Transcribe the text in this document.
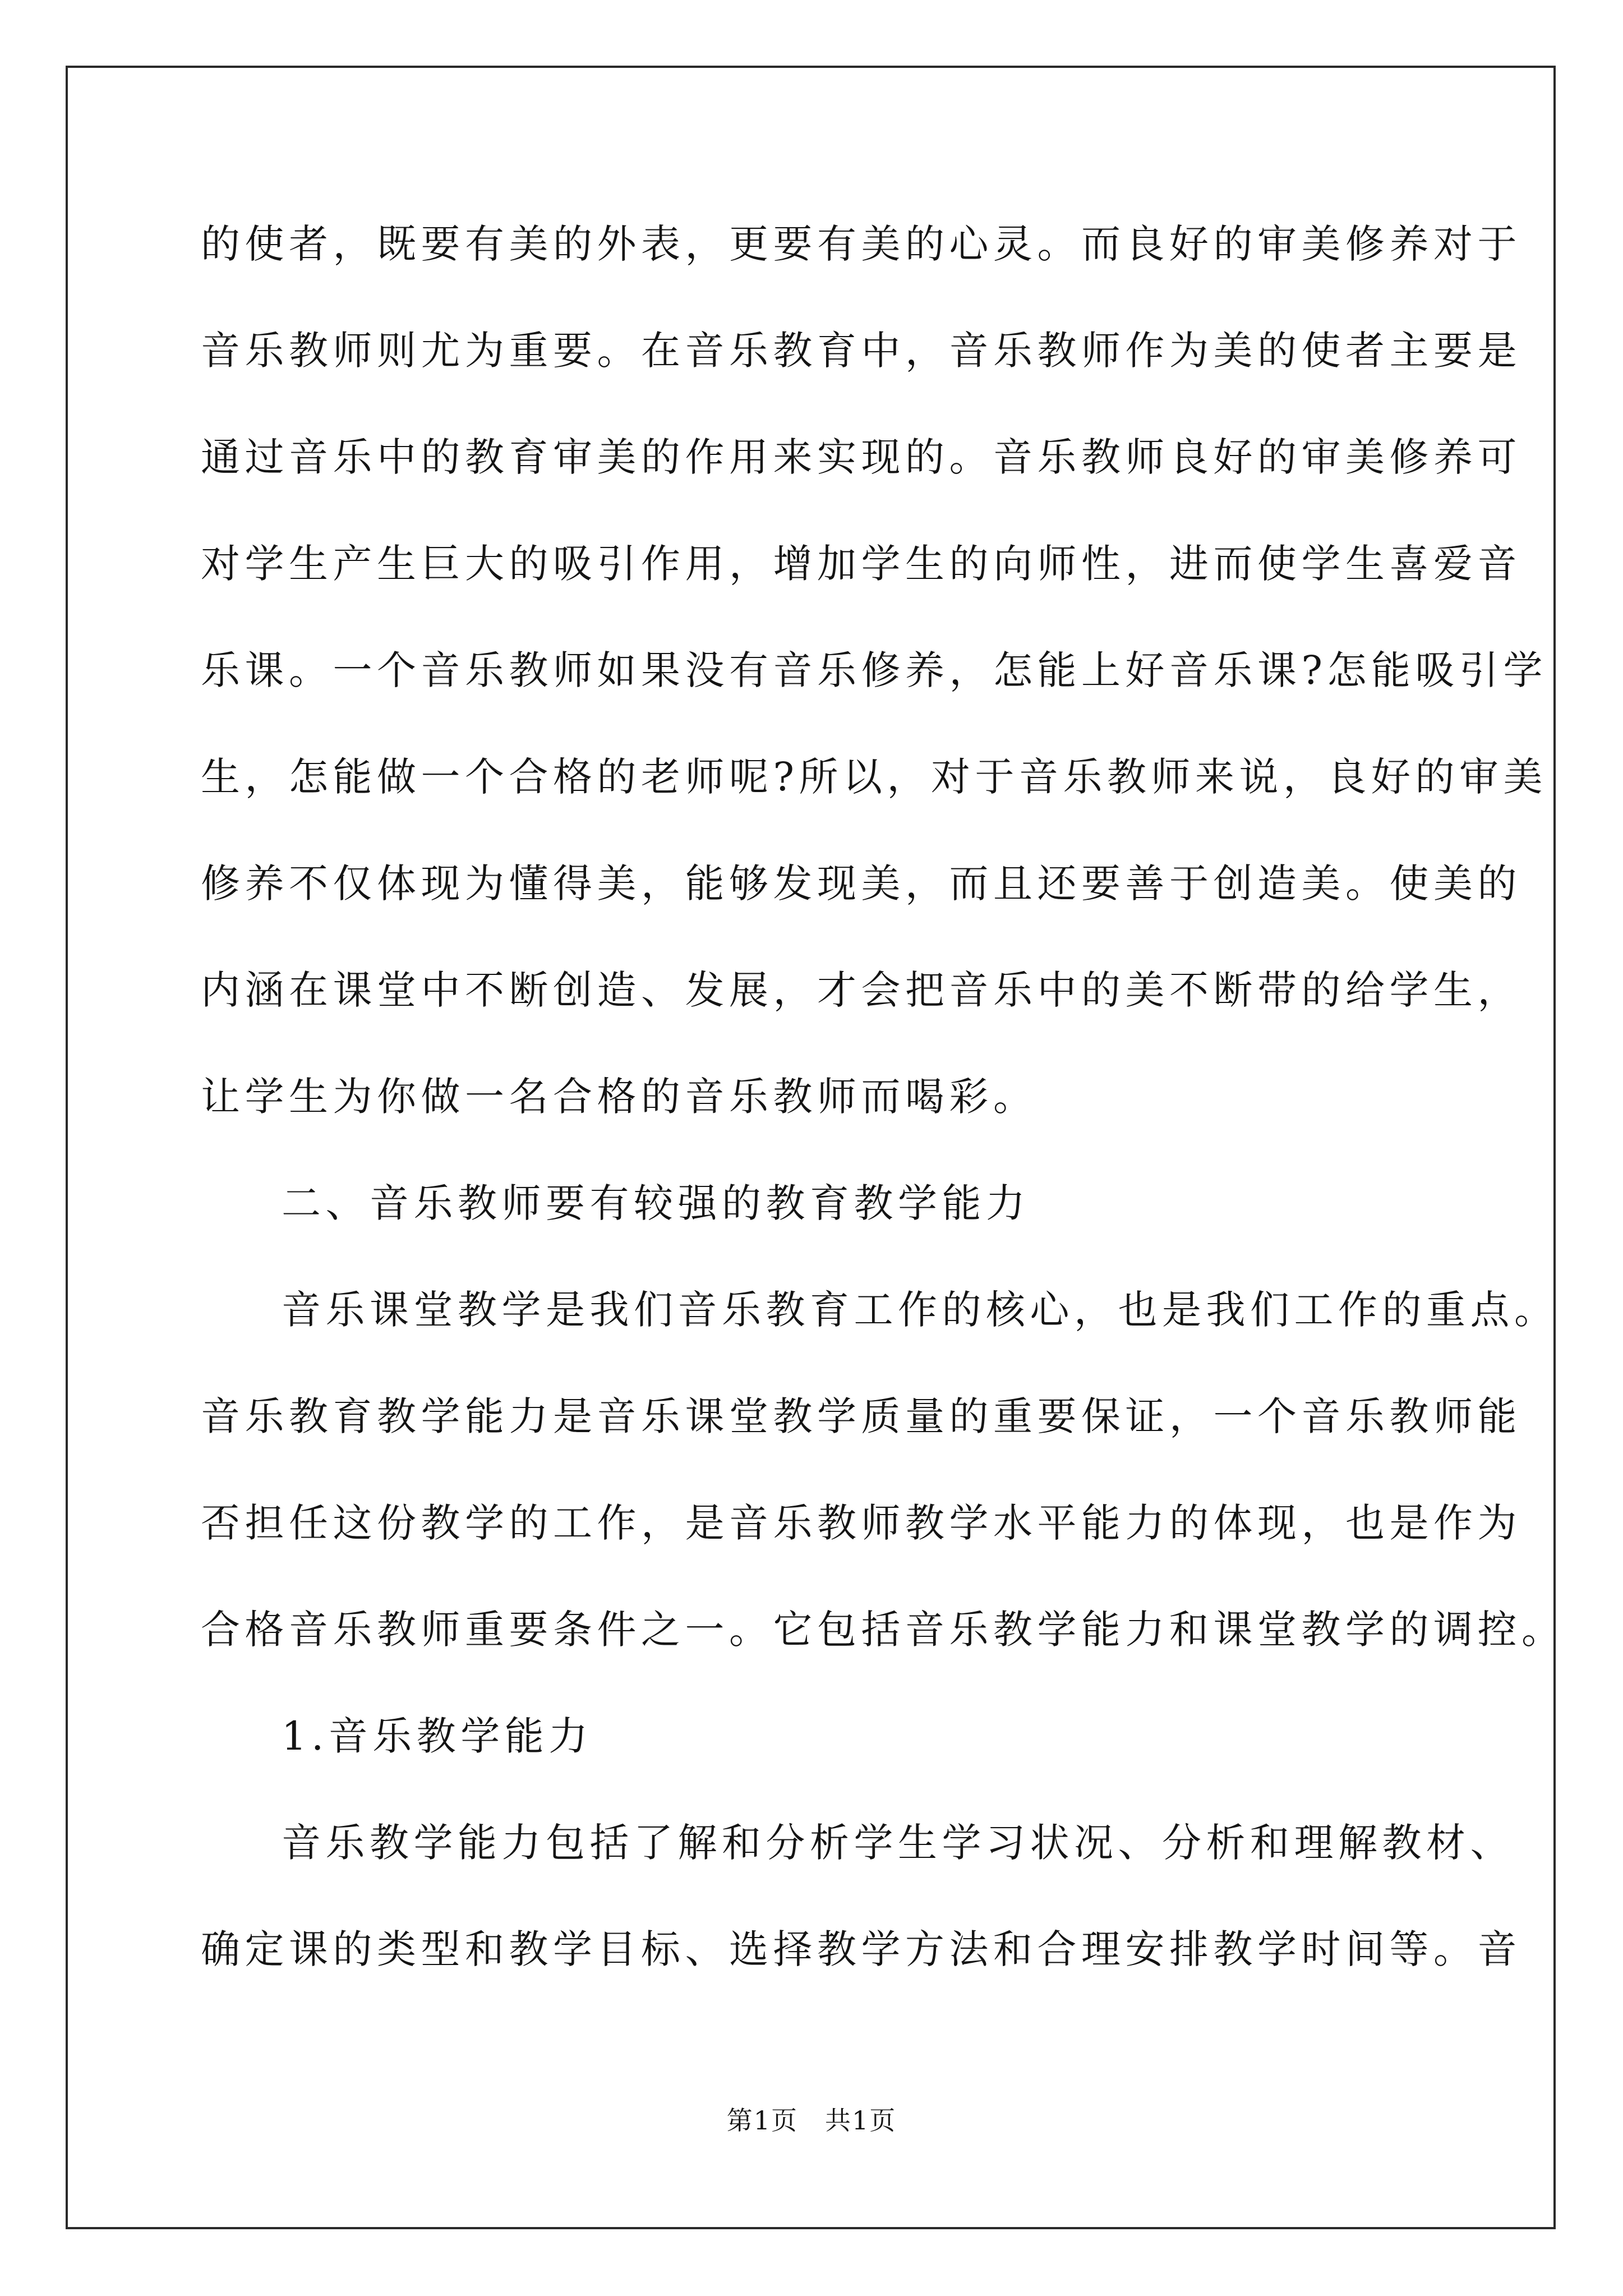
的使者，既要有美的外表，更要有美的心灵。而良好的审美修养对于
音乐教师则尤为重要。在音乐教育中，音乐教师作为美的使者主要是
通过音乐中的教育审美的作用来实现的。音乐教师良好的审美修养可
对学生产生巨大的吸引作用，增加学生的向师性，进而使学生喜爱音
乐课。一个音乐教师如果没有音乐修养，怎能上好音乐课?怎能吸引学
生，怎能做一个合格的老师呢?所以，对于音乐教师来说，良好的审美
修养不仅体现为懂得美，能够发现美，而且还要善于创造美。使美的
内涵在课堂中不断创造、发展，才会把音乐中的美不断带的给学生，
让学生为你做一名合格的音乐教师而喝彩。
二、音乐教师要有较强的教育教学能力
音乐课堂教学是我们音乐教育工作的核心，也是我们工作的重点。
音乐教育教学能力是音乐课堂教学质量的重要保证，一个音乐教师能
否担任这份教学的工作，是音乐教师教学水平能力的体现，也是作为
合格音乐教师重要条件之一。它包括音乐教学能力和课堂教学的调控。
1.音乐教学能力
音乐教学能力包括了解和分析学生学习状况、分析和理解教材、
确定课的类型和教学目标、选择教学方法和合理安排教学时间等。音
第1页 共1页
